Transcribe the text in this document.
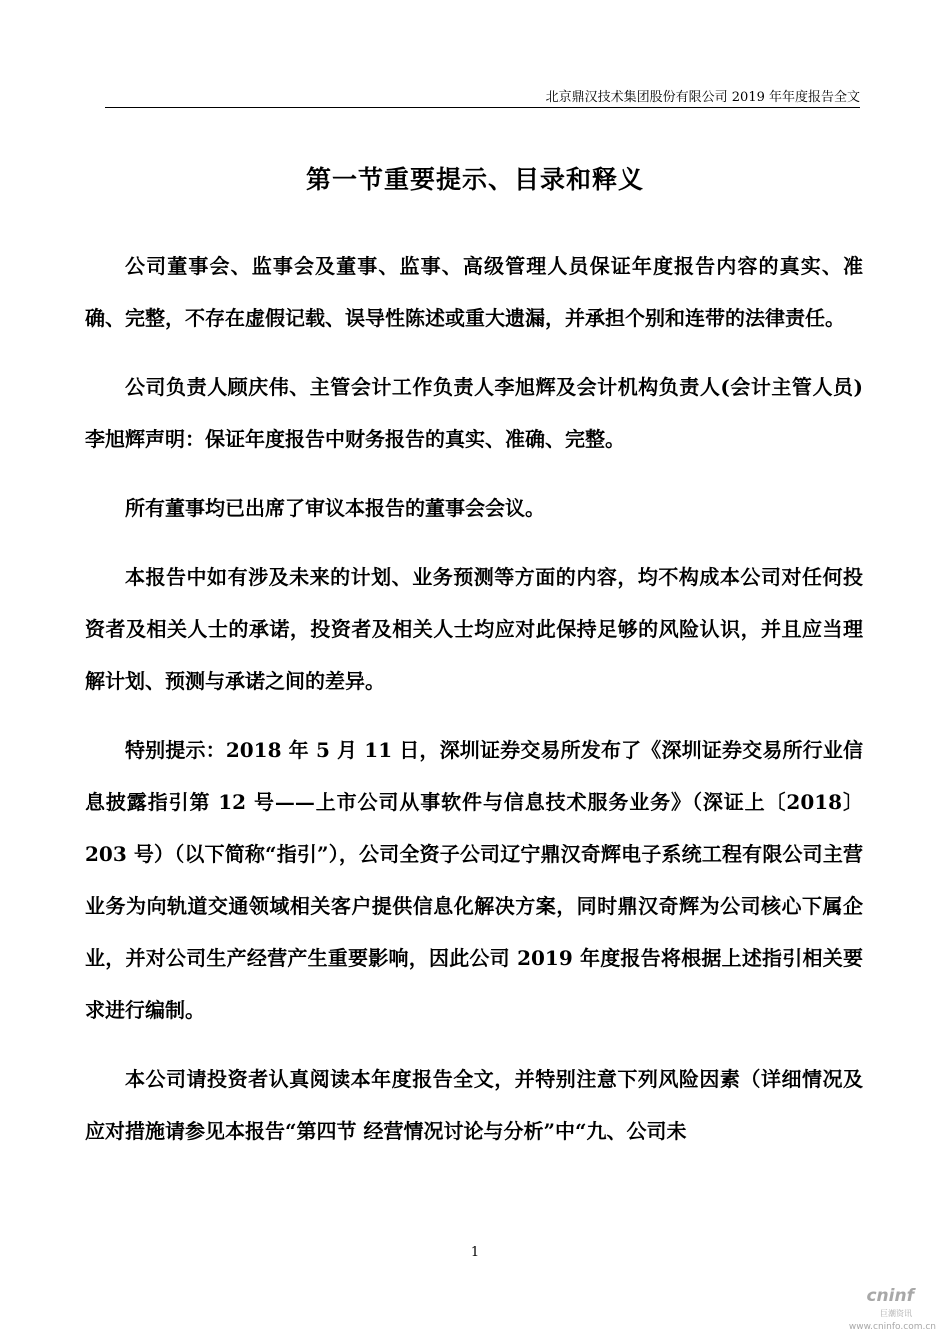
北京鼎汉技术集团股份有限公司 2019 年年度报告全文
第一节重要提示、目录和释义

公司董事会、监事会及董事、监事、高级管理人员保证年度报告内容的真实、准确、完整，不存在虚假记载、误导性陈述或重大遗漏，并承担个别和连带的法律责任。

公司负责人顾庆伟、主管会计工作负责人李旭辉及会计机构负责人(会计主管人员)李旭辉声明：保证年度报告中财务报告的真实、准确、完整。

所有董事均已出席了审议本报告的董事会会议。

本报告中如有涉及未来的计划、业务预测等方面的内容，均不构成本公司对任何投资者及相关人士的承诺，投资者及相关人士均应对此保持足够的风险认识，并且应当理解计划、预测与承诺之间的差异。

特别提示：2018 年 5 月 11 日，深圳证券交易所发布了《深圳证券交易所行业信息披露指引第 12 号——上市公司从事软件与信息技术服务业务》（深证上〔2018〕203 号）（以下简称“指引”），公司全资子公司辽宁鼎汉奇辉电子系统工程有限公司主营业务为向轨道交通领域相关客户提供信息化解决方案，同时鼎汉奇辉为公司核心下属企业，并对公司生产经营产生重要影响，因此公司 2019 年度报告将根据上述指引相关要求进行编制。

本公司请投资者认真阅读本年度报告全文，并特别注意下列风险因素（详细情况及应对措施请参见本报告“第四节 经营情况讨论与分析”中“九、公司未

1
cninf
巨潮资讯
www.cninfo.com.cn
